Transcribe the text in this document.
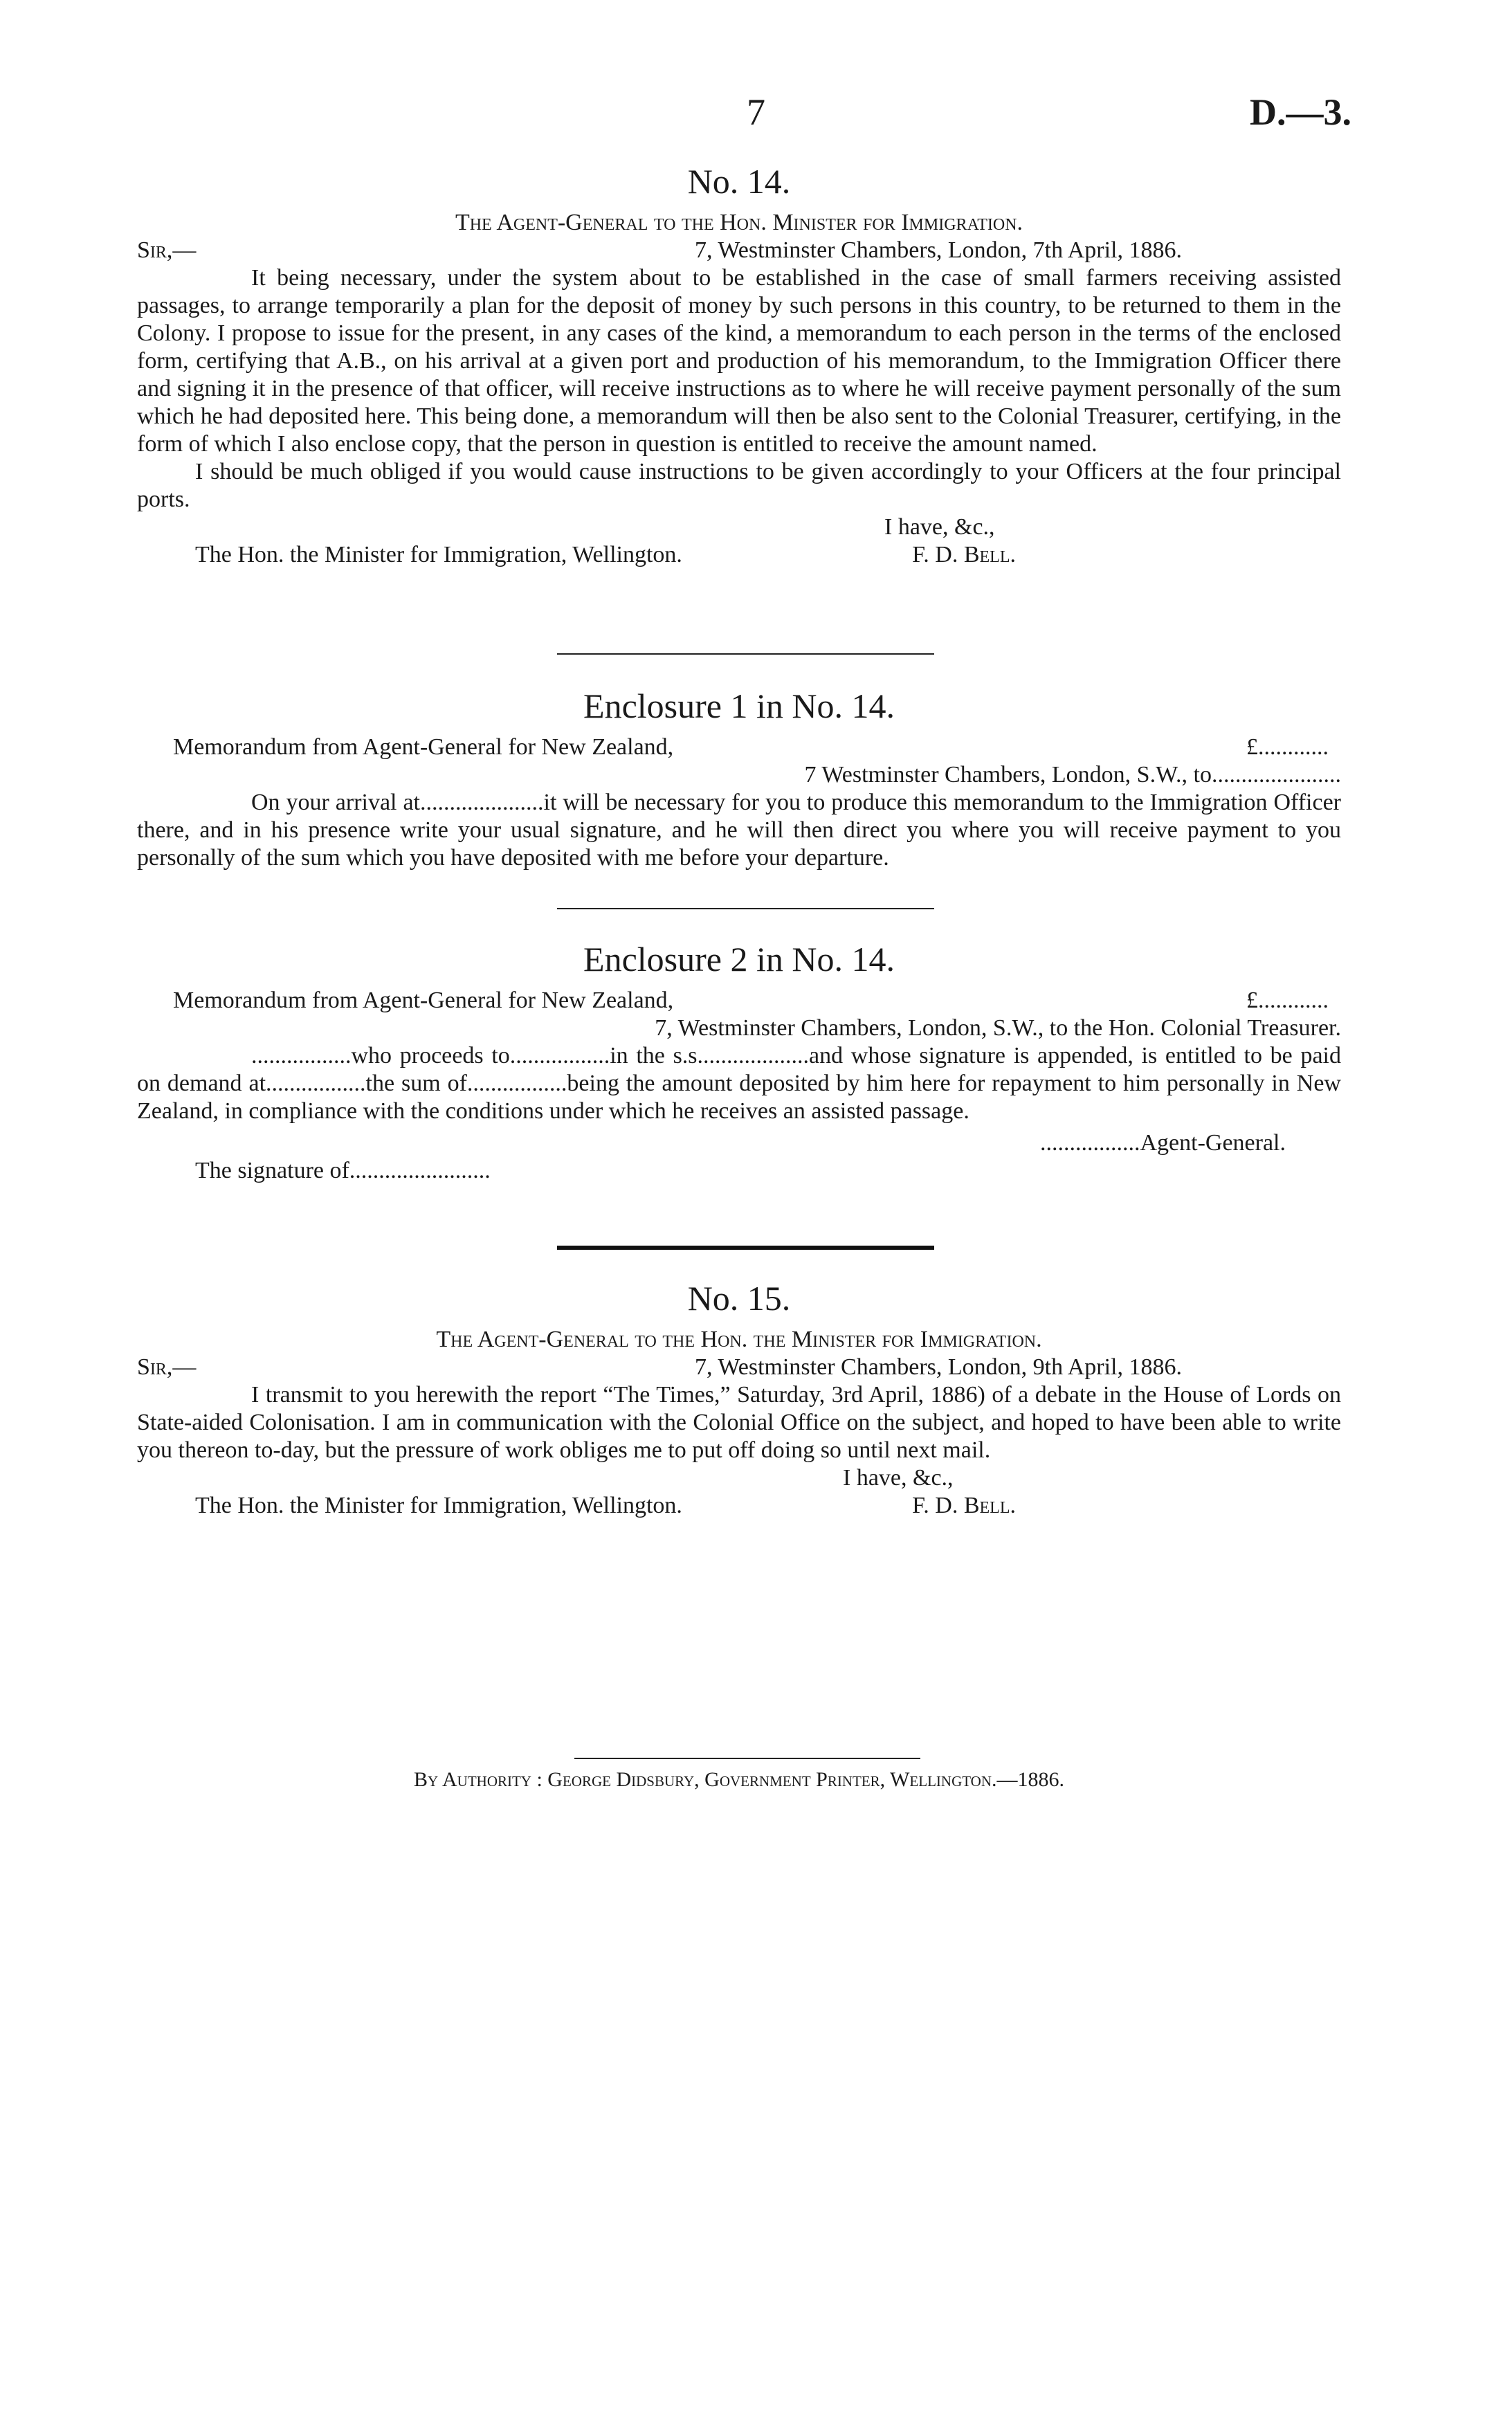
7	D.—3.
No. 14.
The Agent-General to the Hon. Minister for Immigration.
Sir,—	7, Westminster Chambers, London, 7th April, 1886.
It being necessary, under the system about to be established in the case of small farmers receiving assisted passages, to arrange temporarily a plan for the deposit of money by such persons in this country, to be returned to them in the Colony. I propose to issue for the present, in any cases of the kind, a memorandum to each person in the terms of the enclosed form, certifying that A.B., on his arrival at a given port and production of his memorandum, to the Immigration Officer there and signing it in the presence of that officer, will receive instructions as to where he will receive payment personally of the sum which he had deposited here. This being done, a memorandum will then be also sent to the Colonial Treasurer, certifying, in the form of which I also enclose copy, that the person in question is entitled to receive the amount named.
I should be much obliged if you would cause instructions to be given accordingly to your Officers at the four principal ports.
I have, &c.,
The Hon. the Minister for Immigration, Wellington.	F. D. Bell.
Enclosure 1 in No. 14.
Memorandum from Agent-General for New Zealand,	£............
7 Westminster Chambers, London, S.W., to......................
On your arrival at.....................it will be necessary for you to produce this memorandum to the Immigration Officer there, and in his presence write your usual signature, and he will then direct you where you will receive payment to you personally of the sum which you have deposited with me before your departure.
Enclosure 2 in No. 14.
Memorandum from Agent-General for New Zealand,	£............
7, Westminster Chambers, London, S.W., to the Hon. Colonial Treasurer.
.................who proceeds to.................in the s.s...................and whose signature is appended, is entitled to be paid on demand at.................the sum of.................being the amount deposited by him here for repayment to him personally in New Zealand, in compliance with the conditions under which he receives an assisted passage.
.................Agent-General.
The signature of........................
No. 15.
The Agent-General to the Hon. the Minister for Immigration.
Sir,—	7, Westminster Chambers, London, 9th April, 1886.
I transmit to you herewith the report “The Times,” Saturday, 3rd April, 1886) of a debate in the House of Lords on State-aided Colonisation. I am in communication with the Colonial Office on the subject, and hoped to have been able to write you thereon to-day, but the pressure of work obliges me to put off doing so until next mail.
I have, &c.,
The Hon. the Minister for Immigration, Wellington.	F. D. Bell.
By Authority : George Didsbury, Government Printer, Wellington.—1886.
